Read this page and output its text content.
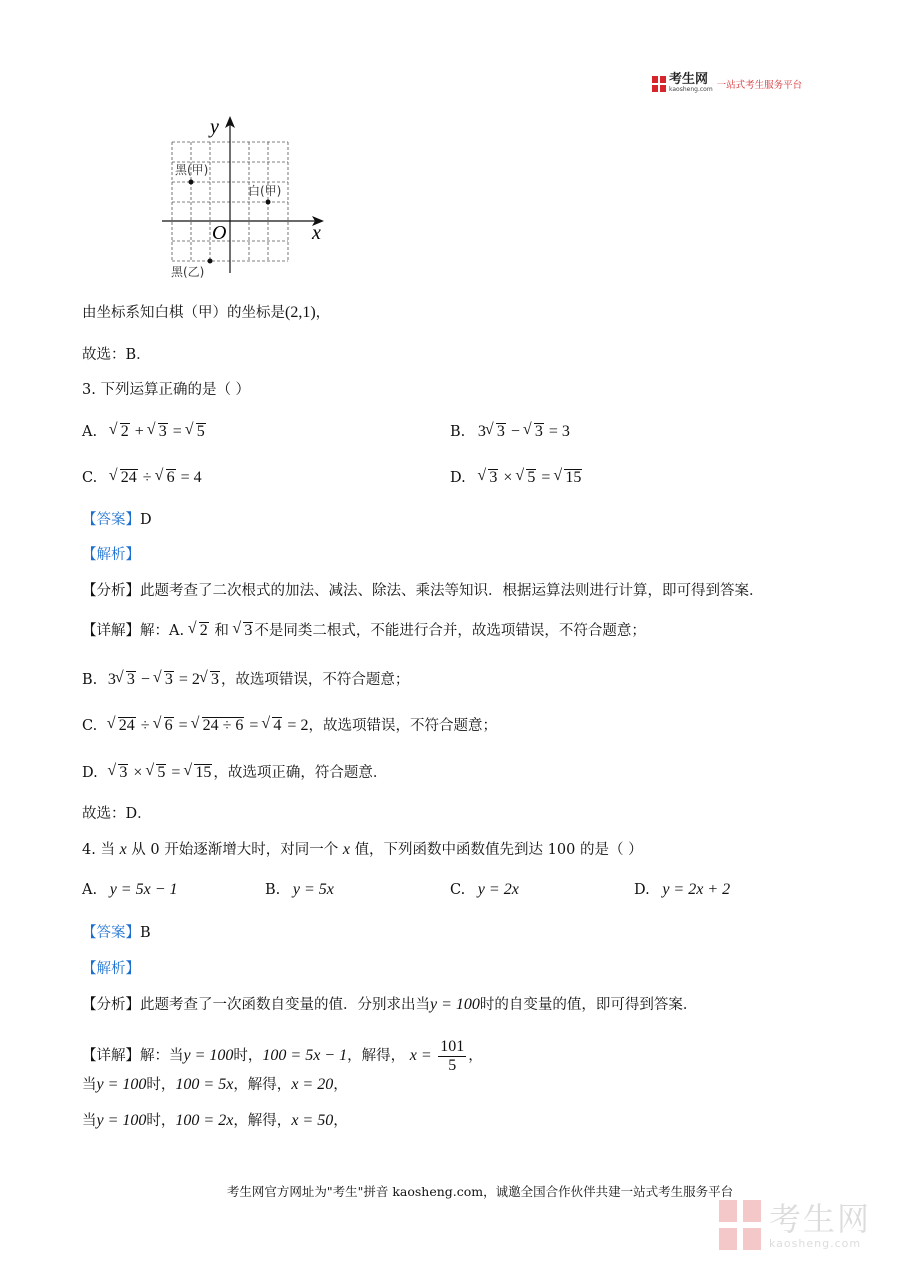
考生网
kaosheng.com 一站式考生服务平台
y
x
O
黑(甲)
白(甲)
黑(乙)
由坐标系知白棋（甲）的坐标是(2,1)，
故选：B．
3. 下列运算正确的是（ ）
A. √ 2 + √ 3 = √ 5	B. 3 √ 3 − √ 3 = 3
C. √ 24 ÷ √ 6 = 4	D. √ 3 × √ 5 = √ 15
【答案】D
【解析】
【分析】此题考查了二次根式的加法、减法、除法、乘法等知识．根据运算法则进行计算，即可得到答案．
【详解】解：A. √ 2 和 √ 3 不是同类二根式，不能进行合并，故选项错误，不符合题意；
B. 3 √ 3 − √ 3 = 2 √ 3 ，故选项错误，不符合题意；
C. √ 24 ÷ √ 6 = √ 24 ÷ 6 = √ 4 = 2，故选项错误，不符合题意；
D. √ 3 × √ 5 = √ 15 ，故选项正确，符合题意．
故选：D．
4. 当 x 从 0 开始逐渐增大时，对同一个 x 值，下列函数中函数值先到达 100 的是（ ）
A. y = 5x − 1	B. y = 5x	C. y = 2x	D. y = 2x + 2
【答案】B
【解析】
【分析】此题考查了一次函数自变量的值．分别求出当y = 100时的自变量的值，即可得到答案．
【详解】解：当y = 100时，100 = 5x − 1，解得， $x = \frac{101}{5}$ ，
当y = 100时，100 = 5x，解得，x = 20，
当y = 100时，100 = 2x，解得，x = 50，
考生网官方网址为"考生"拼音 kaosheng.com，诚邀全国合作伙伴共建一站式考生服务平台
考生网
kaosheng.com
